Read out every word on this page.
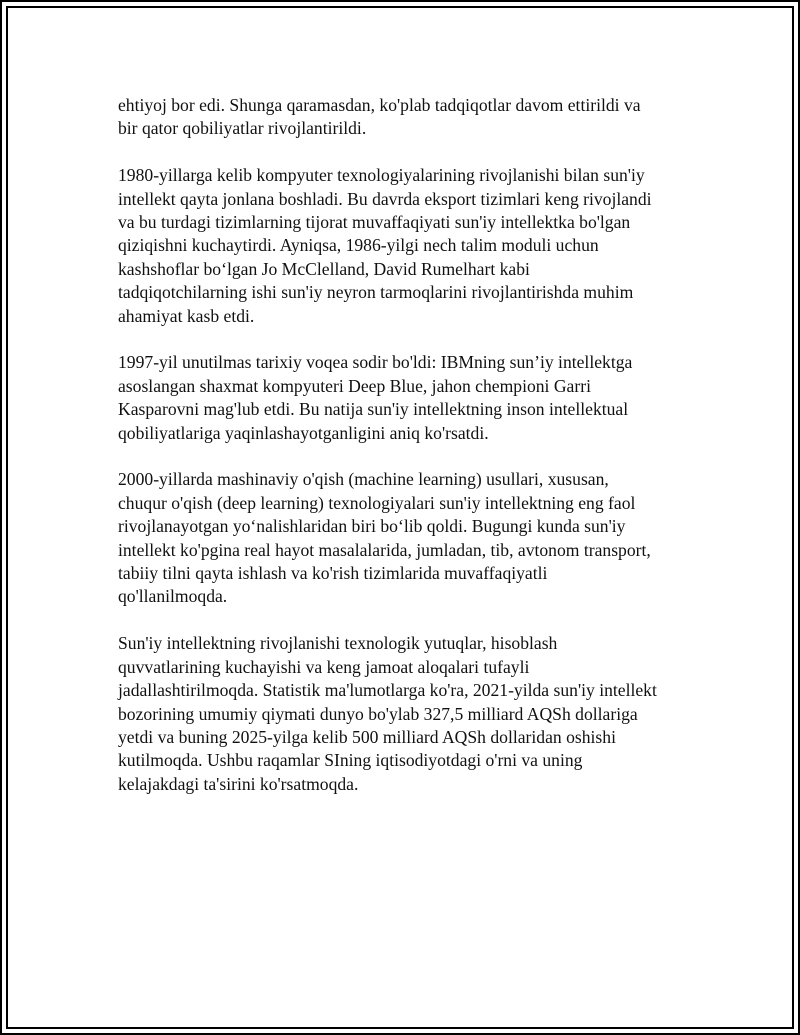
ehtiyoj bor edi. Shunga qaramasdan, ko'plab tadqiqotlar davom ettirildi va
bir qator qobiliyatlar rivojlantirildi.

1980-yillarga kelib kompyuter texnologiyalarining rivojlanishi bilan sun'iy
intellekt qayta jonlana boshladi. Bu davrda eksport tizimlari keng rivojlandi
va bu turdagi tizimlarning tijorat muvaffaqiyati sun'iy intellektka bo'lgan
qiziqishni kuchaytirdi. Ayniqsa, 1986-yilgi nech talim moduli uchun
kashshoflar bo‘lgan Jo McClelland, David Rumelhart kabi
tadqiqotchilarning ishi sun'iy neyron tarmoqlarini rivojlantirishda muhim
ahamiyat kasb etdi.

1997-yil unutilmas tarixiy voqea sodir bo'ldi: IBMning sun’iy intellektga
asoslangan shaxmat kompyuteri Deep Blue, jahon chempioni Garri
Kasparovni mag'lub etdi. Bu natija sun'iy intellektning inson intellektual
qobiliyatlariga yaqinlashayotganligini aniq ko'rsatdi.

2000-yillarda mashinaviy o'qish (machine learning) usullari, xususan,
chuqur o'qish (deep learning) texnologiyalari sun'iy intellektning eng faol
rivojlanayotgan yo‘nalishlaridan biri bo‘lib qoldi. Bugungi kunda sun'iy
intellekt ko'pgina real hayot masalalarida, jumladan, tib, avtonom transport,
tabiiy tilni qayta ishlash va ko'rish tizimlarida muvaffaqiyatli
qo'llanilmoqda.

Sun'iy intellektning rivojlanishi texnologik yutuqlar, hisoblash
quvvatlarining kuchayishi va keng jamoat aloqalari tufayli
jadallashtirilmoqda. Statistik ma'lumotlarga ko'ra, 2021-yilda sun'iy intellekt
bozorining umumiy qiymati dunyo bo'ylab 327,5 milliard AQSh dollariga
yetdi va buning 2025-yilga kelib 500 milliard AQSh dollaridan oshishi
kutilmoqda. Ushbu raqamlar SIning iqtisodiyotdagi o'rni va uning
kelajakdagi ta'sirini ko'rsatmoqda.
